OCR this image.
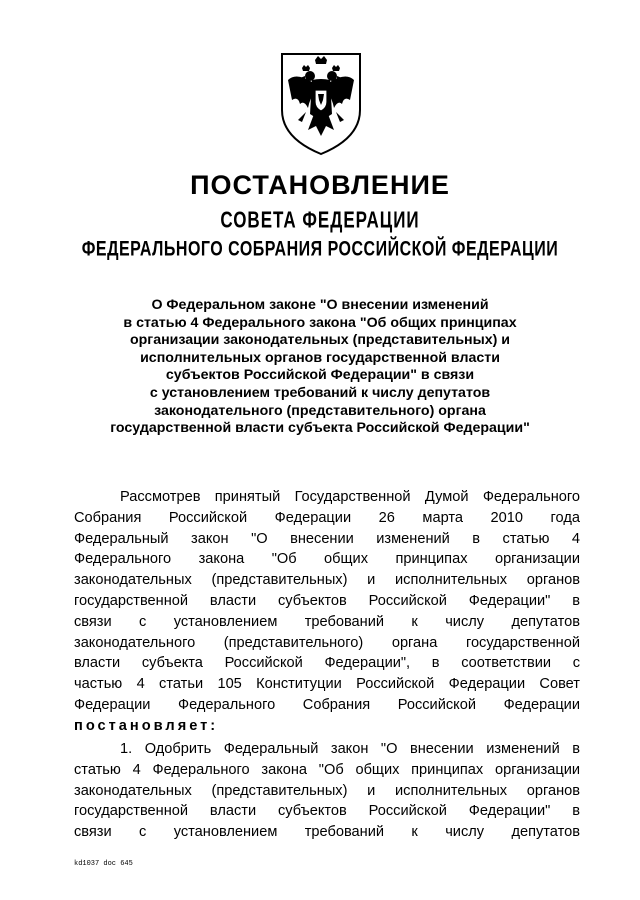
ПОСТАНОВЛЕНИЕ
СОВЕТА ФЕДЕРАЦИИ
ФЕДЕРАЛЬНОГО СОБРАНИЯ РОССИЙСКОЙ ФЕДЕРАЦИИ

О Федеральном законе "О внесении изменений
в статью 4 Федерального закона "Об общих принципах
организации законодательных (представительных) и
исполнительных органов государственной власти
субъектов Российской Федерации" в связи
с установлением требований к числу депутатов
законодательного (представительного) органа
государственной власти субъекта Российской Федерации"

Рассмотрев принятый Государственной Думой Федерального
Собрания Российской Федерации 26 марта 2010 года
Федеральный закон "О внесении изменений в статью 4
Федерального закона "Об общих принципах организации
законодательных (представительных) и исполнительных органов
государственной власти субъектов Российской Федерации" в
связи с установлением требований к числу депутатов
законодательного (представительного) органа государственной
власти субъекта Российской Федерации", в соответствии с
частью 4 статьи 105 Конституции Российской Федерации Совет
Федерации Федерального Собрания Российской Федерации
постановляет:

1. Одобрить Федеральный закон "О внесении изменений в
статью 4 Федерального закона "Об общих принципах организации
законодательных (представительных) и исполнительных органов
государственной власти субъектов Российской Федерации" в
связи с установлением требований к числу депутатов

kd1037 doc 645
